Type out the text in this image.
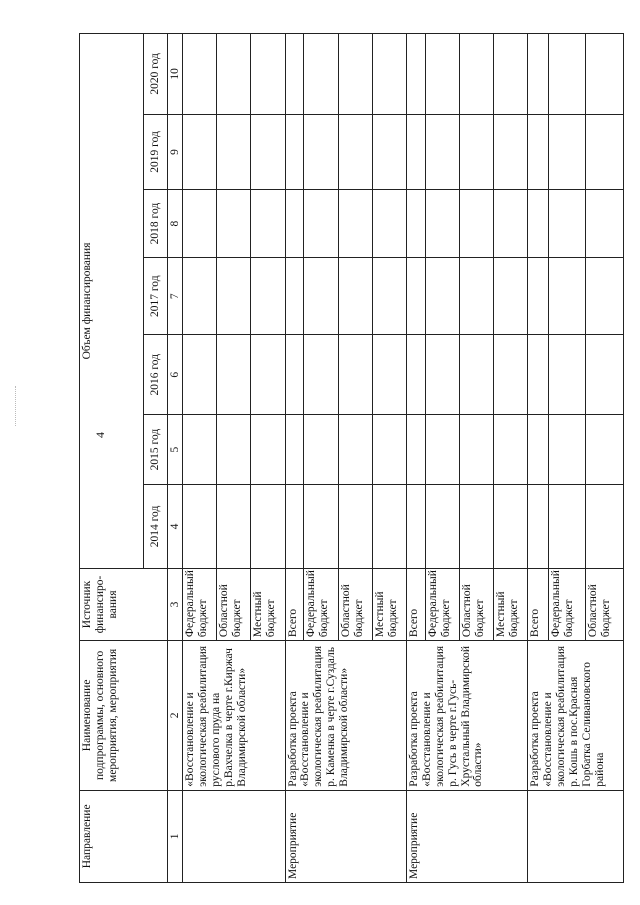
4
Направление	Наименование подпрограммы, основного мероприятия, мероприятия	Источник финансиро-вания	Объем финансирования						
			2014 год	2015 год	2016 год	2017 год	2018 год	2019 год	2020 год
1	2	3	4	5	6	7	8	9	10
	«Восстановление и экологическая реабилитация руслового пруда на р.Вахчелка в черте г.Киржач Владимирской области»	Федеральный бюджет							
		Областной бюджет							
		Местный бюджет							
Мероприятие	Разработка проекта «Восстановление и экологическая реабилитация р. Каменка в черте г.Суздаль Владимирской области»	Всего							
		Федеральный бюджет							
		Областной бюджет							
		Местный бюджет							
Мероприятие	Разработка проекта «Восстановление и экологическая реабилитация р. Гусь в черте г.Гусь-Хрустальный Владимирской области»	Всего							
		Федеральный бюджет							
		Областной бюджет							
		Местный бюджет							
	Разработка проекта «Восстановление и экологическая реабилитация р. Кошь в пос.Красная Горбатка Селивановского района	Всего							
		Федеральный бюджет							
		Областной бюджет							
